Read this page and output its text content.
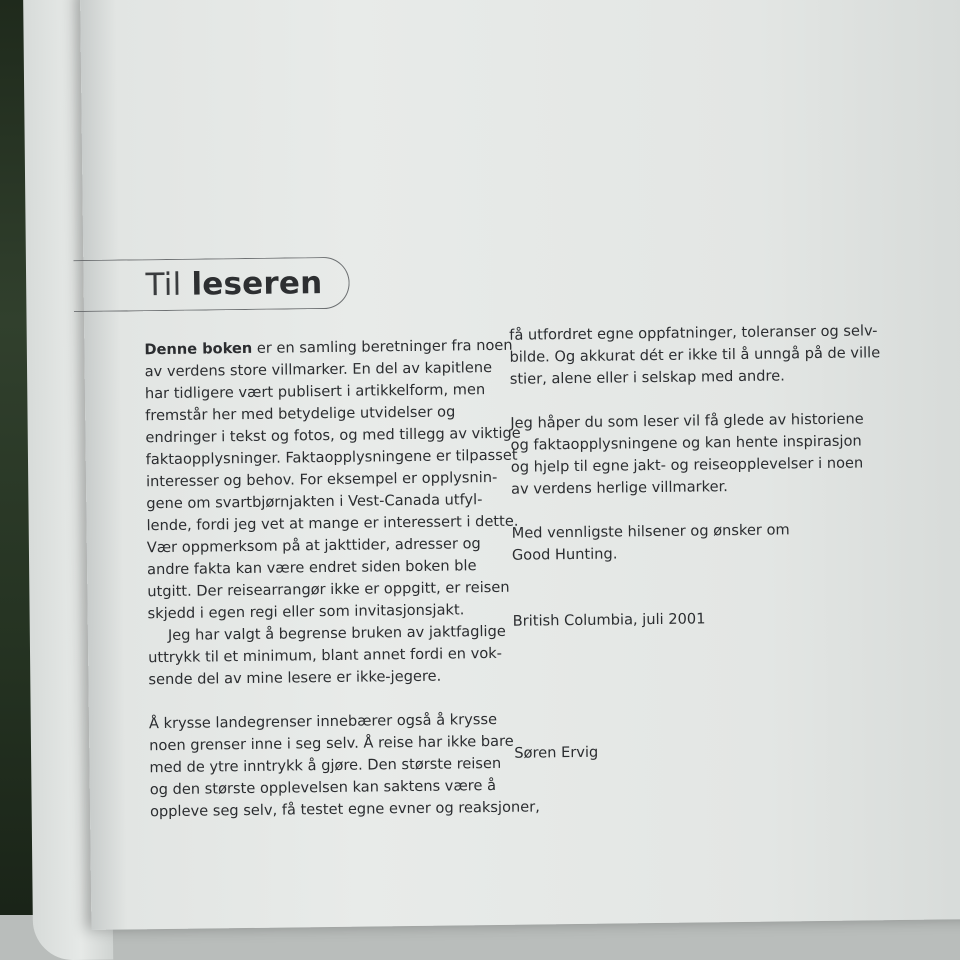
Til leseren

Denne boken er en samling beretninger fra noen

av verdens store villmarker. En del av kapitlene
har tidligere vært publisert i artikkelform, men
fremstår her med betydelige utvidelser og
endringer i tekst og fotos, og med tillegg av viktige
faktaopplysninger. Faktaopplysningene er tilpasset
interesser og behov. For eksempel er opplysnin-
gene om svartbjørnjakten i Vest-Canada utfyl-
lende, fordi jeg vet at mange er interessert i dette.
Vær oppmerksom på at jakttider, adresser og
andre fakta kan være endret siden boken ble
utgitt. Der reisearrangør ikke er oppgitt, er reisen
skjedd i egen regi eller som invitasjonsjakt.
Jeg har valgt å begrense bruken av jaktfaglige
uttrykk til et minimum, blant annet fordi en vok-
sende del av mine lesere er ikke-jegere.
Å krysse landegrenser innebærer også å krysse
noen grenser inne i seg selv. Å reise har ikke bare
med de ytre inntrykk å gjøre. Den største reisen
og den største opplevelsen kan saktens være å
oppleve seg selv, få testet egne evner og reaksjoner,
få utfordret egne oppfatninger, toleranser og selv-
bilde. Og akkurat dét er ikke til å unngå på de ville
stier, alene eller i selskap med andre.
Jeg håper du som leser vil få glede av historiene
og faktaopplysningene og kan hente inspirasjon
og hjelp til egne jakt- og reiseopplevelser i noen
av verdens herlige villmarker.
Med vennligste hilsener og ønsker om
Good Hunting.
British Columbia, juli 2001
Søren Ervig
